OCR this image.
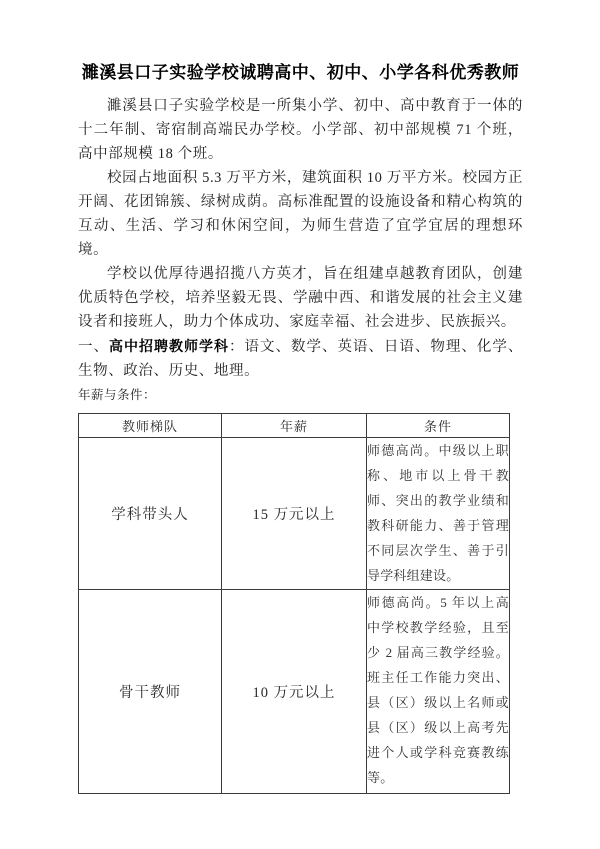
濉溪县口子实验学校诚聘高中、初中、小学各科优秀教师

濉溪县口子实验学校是一所集小学、初中、高中教育于一体的十二年制、寄宿制高端民办学校。小学部、初中部规模 71 个班，高中部规模 18 个班。

校园占地面积 5.3 万平方米，建筑面积 10 万平方米。校园方正开阔、花团锦簇、绿树成荫。高标准配置的设施设备和精心构筑的互动、生活、学习和休闲空间，为师生营造了宜学宜居的理想环境。

学校以优厚待遇招揽八方英才，旨在组建卓越教育团队，创建优质特色学校，培养坚毅无畏、学融中西、和谐发展的社会主义建设者和接班人，助力个体成功、家庭幸福、社会进步、民族振兴。

一、高中招聘教师学科：语文、数学、英语、日语、物理、化学、生物、政治、历史、地理。

年薪与条件：
教师梯队	年薪	条件
学科带头人	15 万元以上	师德高尚。中级以上职称、地市以上骨干教师、突出的教学业绩和教科研能力、善于管理不同层次学生、善于引导学科组建设。
骨干教师	10 万元以上	师德高尚。5 年以上高中学校教学经验，且至少 2 届高三教学经验。班主任工作能力突出、县（区）级以上名师或县（区）级以上高考先进个人或学科竞赛教练等。
